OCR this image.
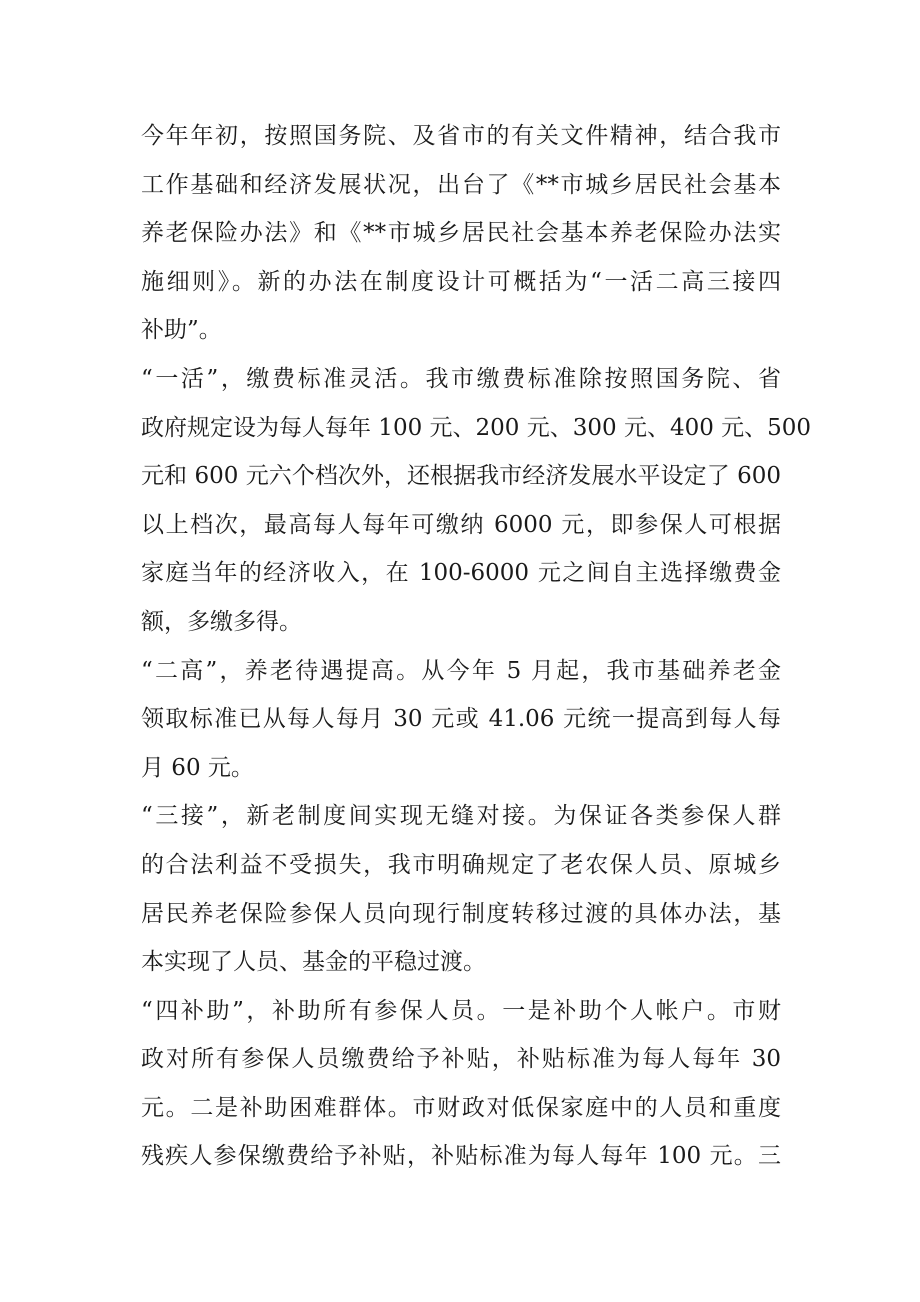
今年年初，按照国务院、及省市的有关文件精神，结合我市
工作基础和经济发展状况，出台了《**市城乡居民社会基本
养老保险办法》和《**市城乡居民社会基本养老保险办法实
施细则》。新的办法在制度设计可概括为“一活二高三接四
补助”。

“一活”，缴费标准灵活。我市缴费标准除按照国务院、省
政府规定设为每人每年 100 元、200 元、300 元、400 元、500
元和 600 元六个档次外，还根据我市经济发展水平设定了 600
以上档次，最高每人每年可缴纳 6000 元，即参保人可根据
家庭当年的经济收入，在 100-6000 元之间自主选择缴费金
额，多缴多得。

“二高”，养老待遇提高。从今年 5 月起，我市基础养老金
领取标准已从每人每月 30 元或 41.06 元统一提高到每人每
月 60 元。

“三接”，新老制度间实现无缝对接。为保证各类参保人群
的合法利益不受损失，我市明确规定了老农保人员、原城乡
居民养老保险参保人员向现行制度转移过渡的具体办法，基
本实现了人员、基金的平稳过渡。

“四补助”，补助所有参保人员。一是补助个人帐户。市财
政对所有参保人员缴费给予补贴，补贴标准为每人每年 30
元。二是补助困难群体。市财政对低保家庭中的人员和重度
残疾人参保缴费给予补贴，补贴标准为每人每年 100 元。三
